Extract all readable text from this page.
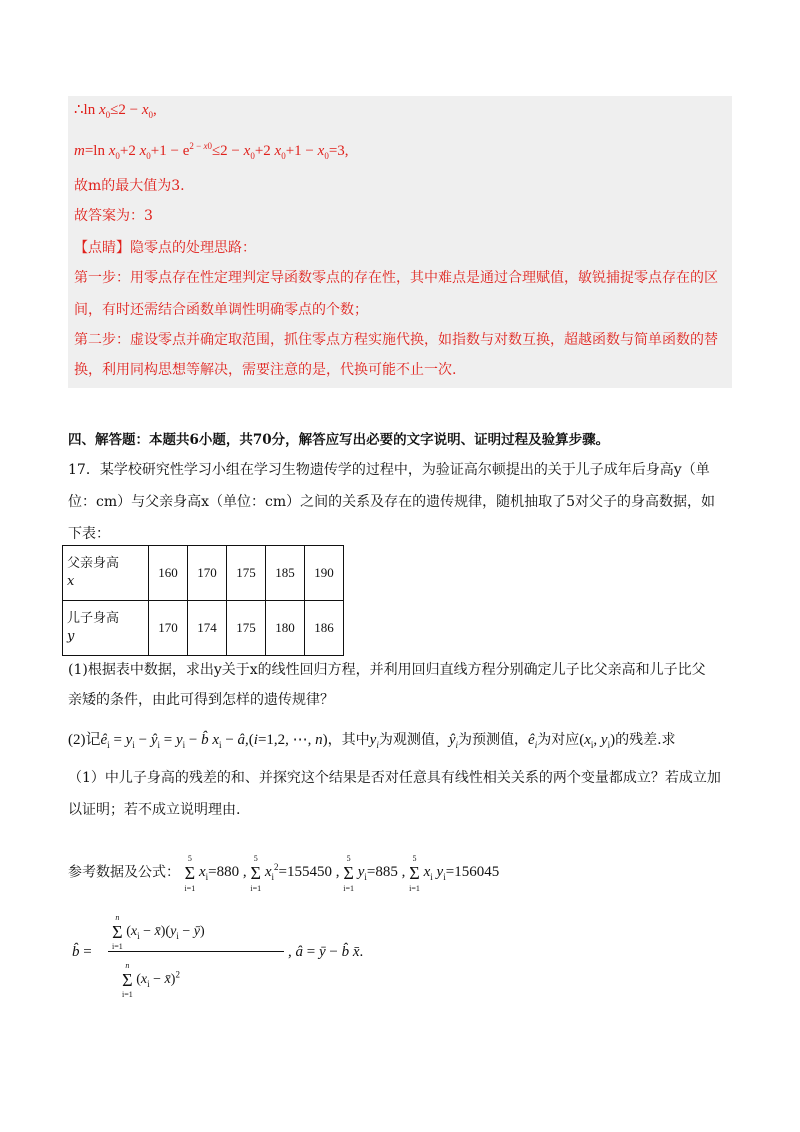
∴ln $x_0\le 2 - x_0$,
m=ln $x_0+2$ $x_0+1 - e^{2 - x0}\le 2 - x_0+2$ $x_0+1 - x_0=3$,
故m的最大值为3.
故答案为：3
【点睛】隐零点的处理思路：
第一步：用零点存在性定理判定导函数零点的存在性，其中难点是通过合理赋值，敏锐捕捉零点存在的区
间，有时还需结合函数单调性明确零点的个数；
第二步：虚设零点并确定取范围，抓住零点方程实施代换，如指数与对数互换，超越函数与简单函数的替
换，利用同构思想等解决，需要注意的是，代换可能不止一次.
四、解答题：本题共6小题，共70分，解答应写出必要的文字说明、证明过程及验算步骤。
17．某学校研究性学习小组在学习生物遗传学的过程中，为验证高尔顿提出的关于儿子成年后身高y（单
位：cm）与父亲身高x（单位：cm）之间的关系及存在的遗传规律，随机抽取了5对父子的身高数据，如
下表：
父亲身高
x	160	170	175	185	190
儿子身高
y	170	174	175	180	186
(1)根据表中数据，求出y关于x的线性回归方程，并利用回归直线方程分别确定儿子比父亲高和儿子比父
亲矮的条件，由此可得到怎样的遗传规律？
(2)记$ê_i = y_i$ − $ŷ_i = y_i$ − b̂ $x_i$ − â,(i=1,2, ⋯, n)，其中$y_i$为观测值，$ŷ_i$为预测值，$ê_i$为对应($x_i$, $y_i$)的残差.求
（1）中儿子身高的残差的和、并探究这个结果是否对任意具有线性相关关系的两个变量都成立？若成立加
以证明；若不成立说明理由.
参考数据及公式： 5
Σ
i=1 $x_i=880$ , 5
Σ
i=1 $x_i^2=155450$ , 5
Σ
i=1 $y_i=885$ , 5
Σ
i=1 $x_i$ $y_i=156045$
b̂ =
n
Σ
i=1 ($x_i$ − $x̄)(y_i$ − ȳ)
n
Σ
i=1 ($x_i$ − x̄)$^2$
, â = ȳ − b̂ x̄.
